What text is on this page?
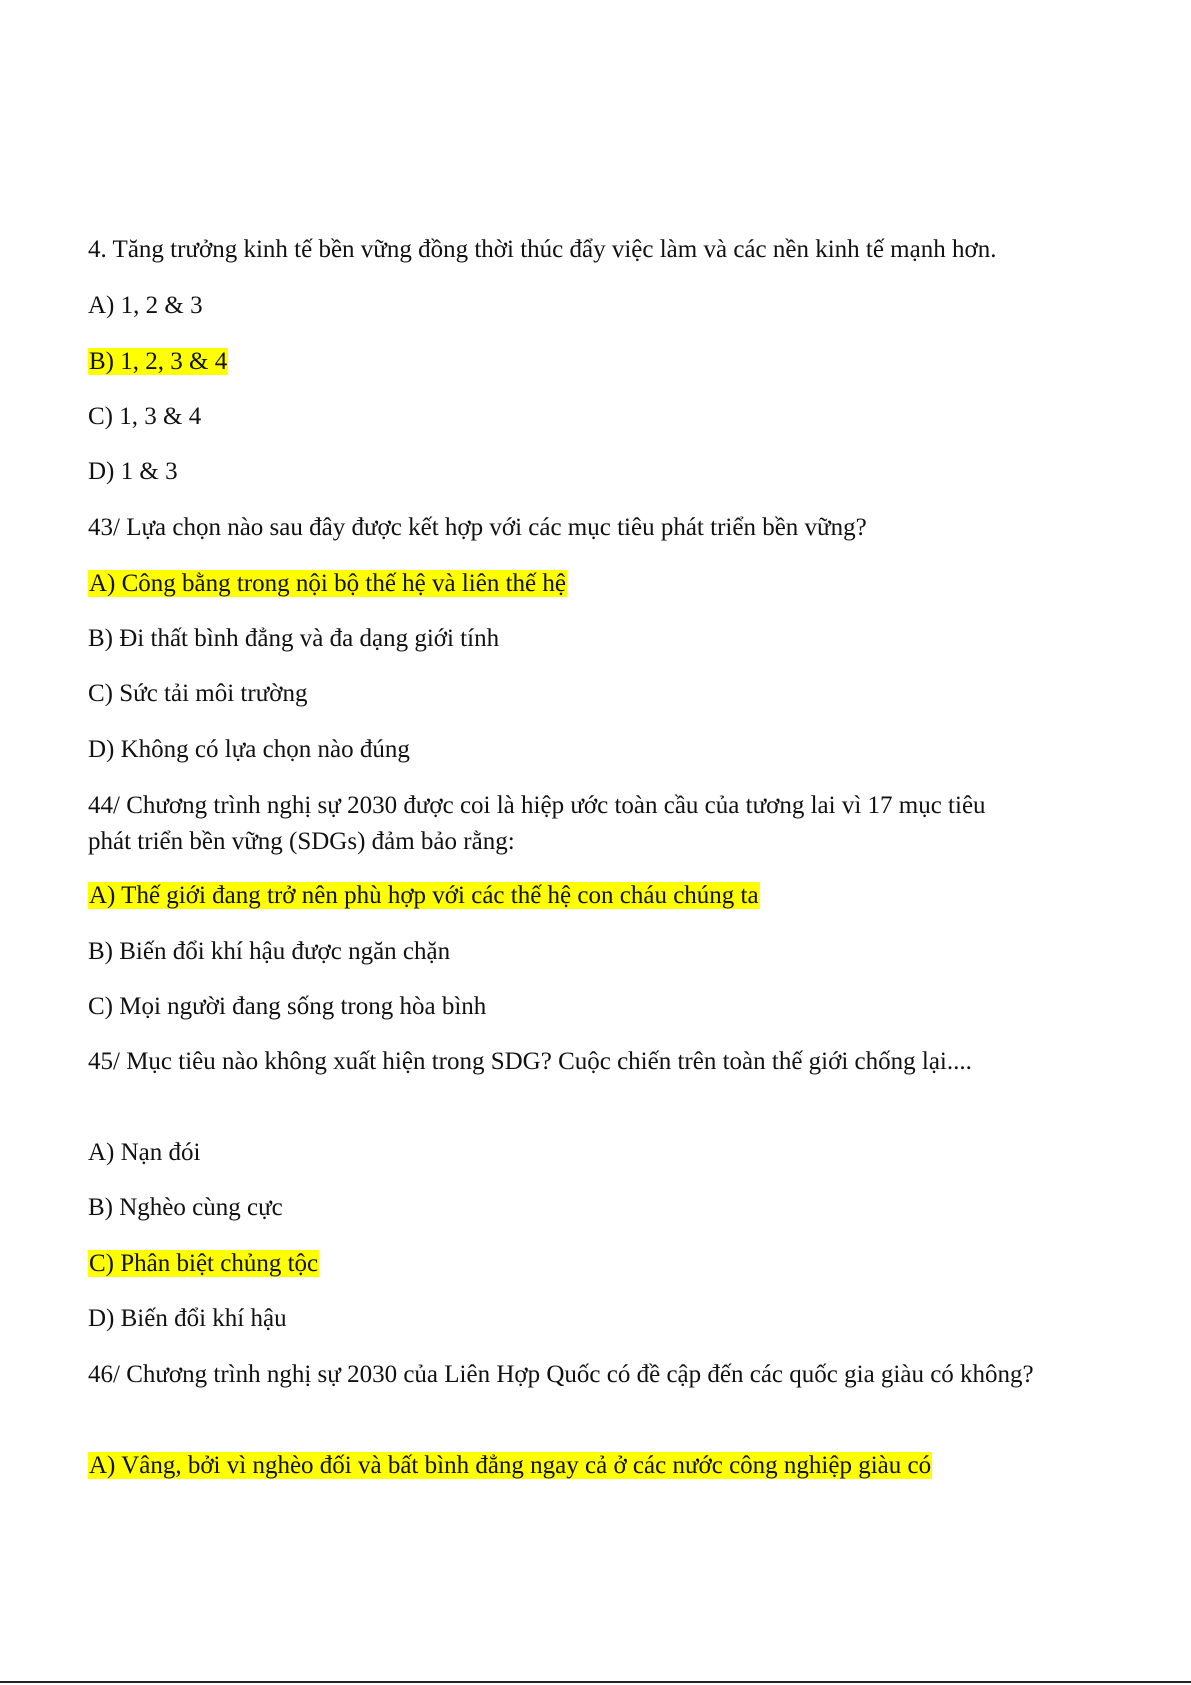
4. Tăng trưởng kinh tế bền vững đồng thời thúc đẩy việc làm và các nền kinh tế mạnh hơn.
A) 1, 2 & 3
B) 1, 2, 3 & 4
C) 1, 3 & 4
D) 1 & 3
43/ Lựa chọn nào sau đây được kết hợp với các mục tiêu phát triển bền vững?
A) Công bằng trong nội bộ thế hệ và liên thế hệ
B) Đi thất bình đẳng và đa dạng giới tính
C) Sức tải môi trường
D) Không có lựa chọn nào đúng
44/ Chương trình nghị sự 2030 được coi là hiệp ước toàn cầu của tương lai vì 17 mục tiêu phát triển bền vững (SDGs) đảm bảo rằng:
A) Thế giới đang trở nên phù hợp với các thế hệ con cháu chúng ta
B) Biến đổi khí hậu được ngăn chặn
C) Mọi người đang sống trong hòa bình
45/ Mục tiêu nào không xuất hiện trong SDG? Cuộc chiến trên toàn thế giới chống lại....
A) Nạn đói
B) Nghèo cùng cực
C) Phân biệt chủng tộc
D) Biến đổi khí hậu
46/ Chương trình nghị sự 2030 của Liên Hợp Quốc có đề cập đến các quốc gia giàu có không?
A) Vâng, bởi vì nghèo đối và bất bình đẳng ngay cả ở các nước công nghiệp giàu có
